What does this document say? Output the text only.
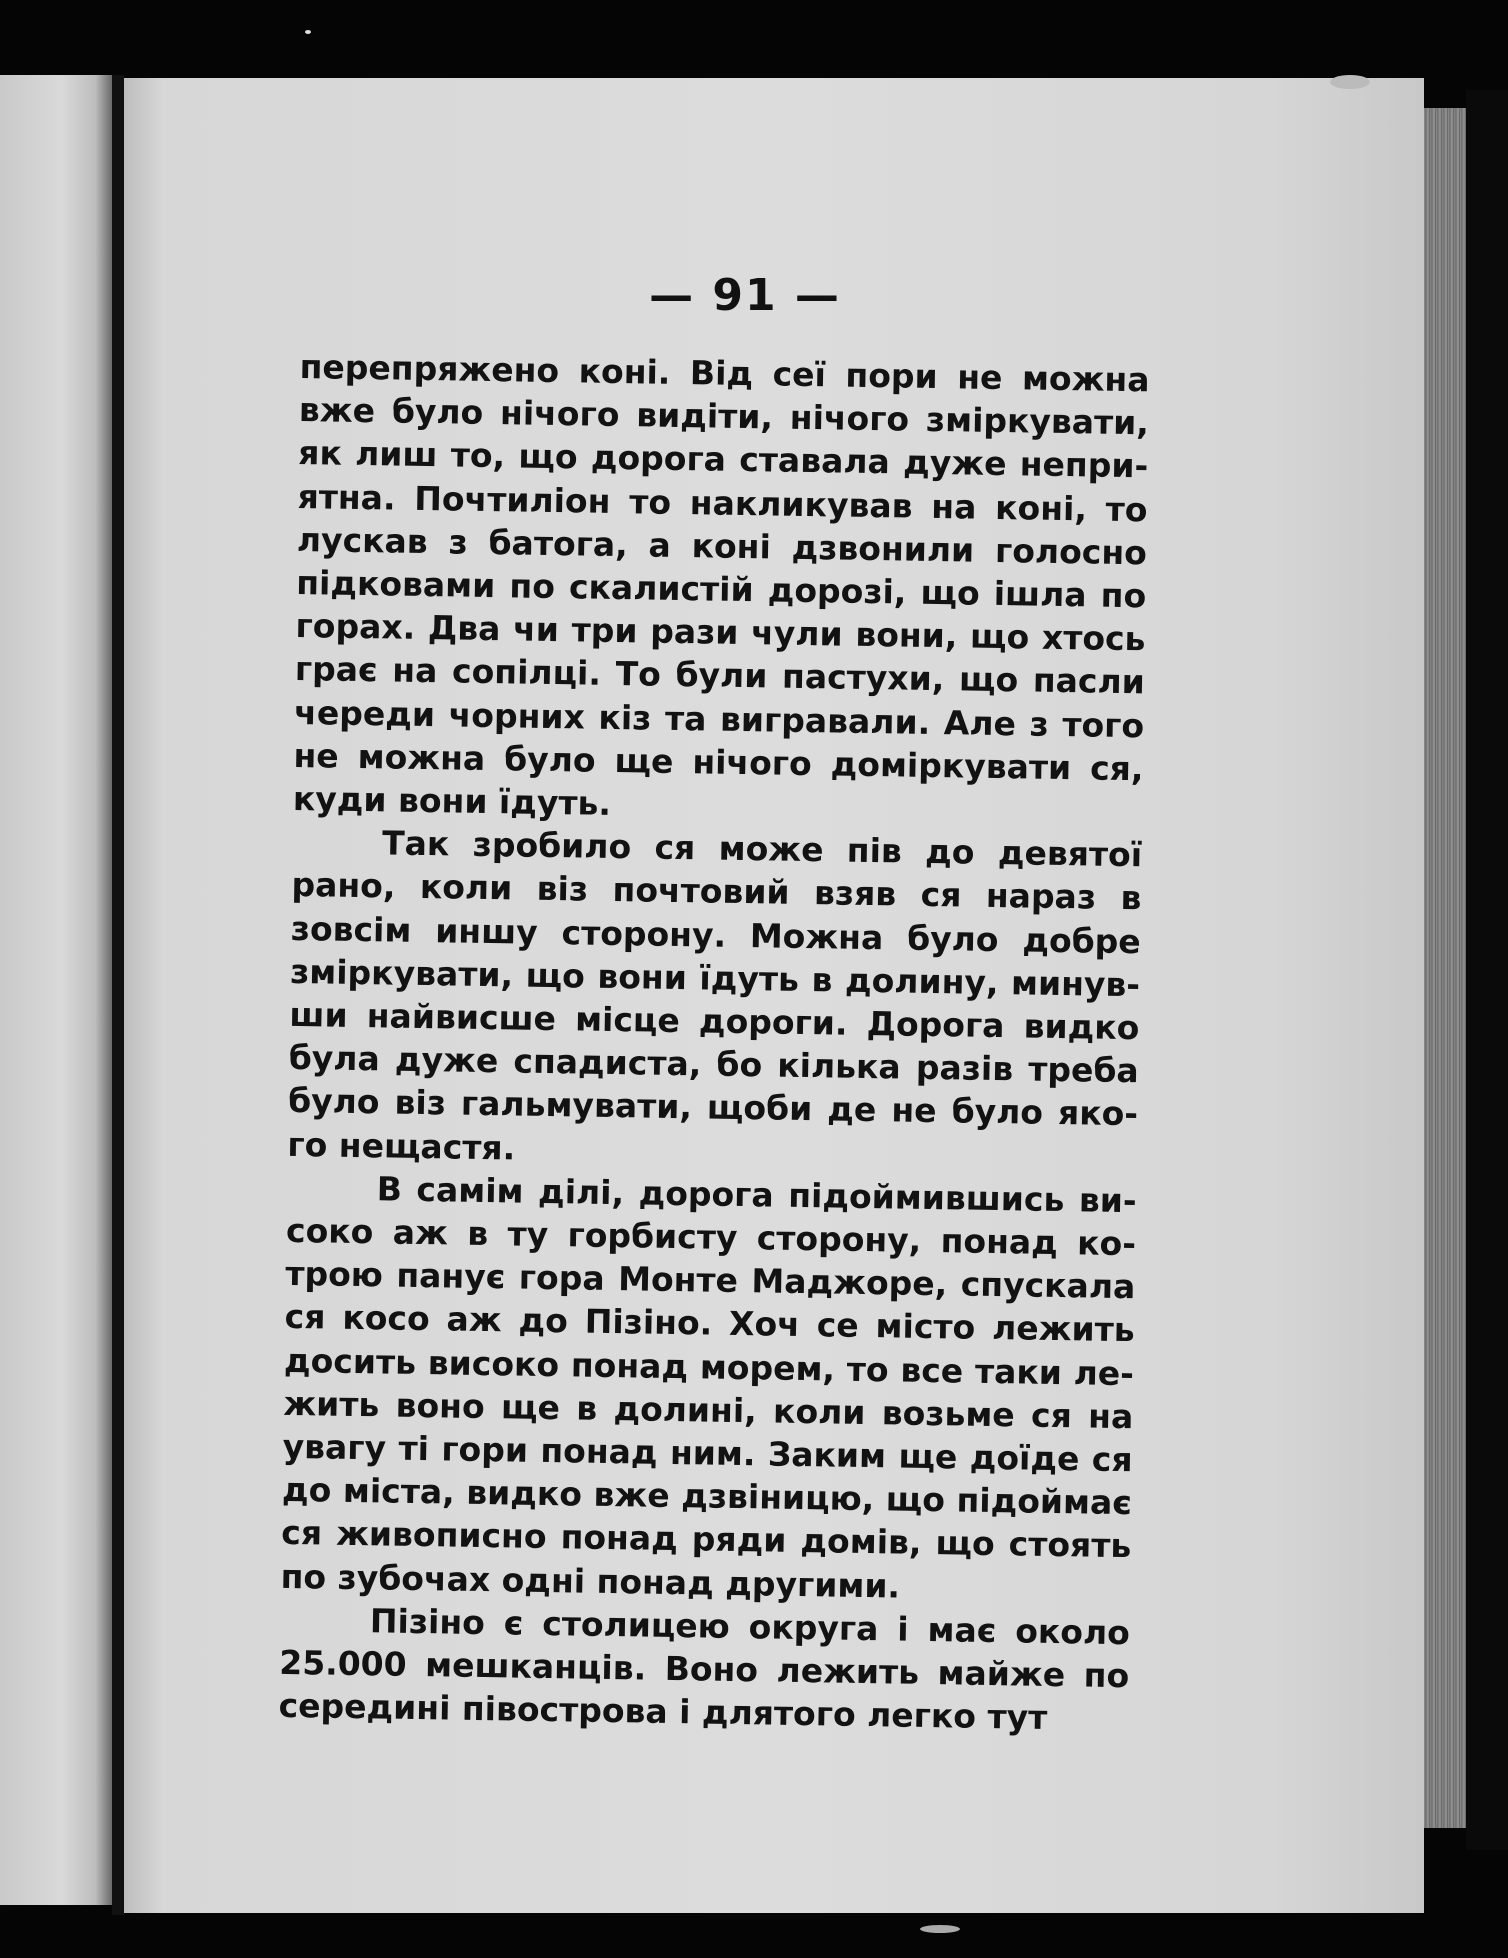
— 91 —
перепряжено коні. Від сеї пори не можна
вже було нічого видіти, нічого зміркувати,
як лиш то, що дорога ставала дуже непри-
ятна. Почтиліон то накликував на коні, то
лускав з батога, а коні дзвонили голосно
підковами по скалистій дорозі, що ішла по
горах. Два чи три рази чули вони, що хтось
грає на сопілці. То були пастухи, що пасли
череди чорних кіз та вигравали. Але з того
не можна було ще нічого доміркувати ся,
куди вони їдуть.
Так зробило ся може пів до девятої
рано, коли віз почтовий взяв ся нараз в
зовсім иншу сторону. Можна було добре
зміркувати, що вони їдуть в долину, минув-
ши найвисше місце дороги. Дорога видко
була дуже спадиста, бо кілька разів треба
було віз гальмувати, щоби де не було яко-
го нещастя.
В самім ділі, дорога підоймившись ви-
соко аж в ту горбисту сторону, понад ко-
трою панує гора Монте Маджоре, спускала
ся косо аж до Пізіно. Хоч се місто лежить
досить високо понад морем, то все таки ле-
жить воно ще в долині, коли возьме ся на
увагу ті гори понад ним. Заким ще доїде ся
до міста, видко вже дзвіницю, що підоймає
ся живописно понад ряди домів, що стоять
по зубочах одні понад другими.
Пізіно є столицею округа і має около
25.000 мешканців. Воно лежить майже по
середині півострова і длятого легко тут
